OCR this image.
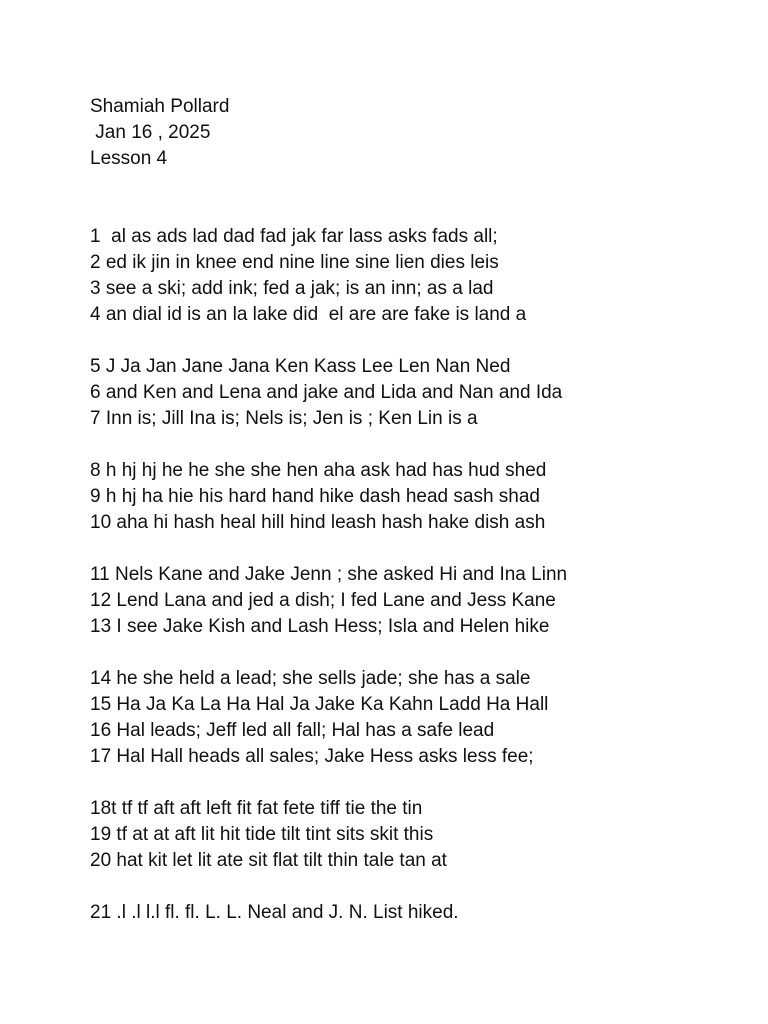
Shamiah Pollard
Jan 16 , 2025
Lesson 4
1  al as ads lad dad fad jak far lass asks fads all;
2 ed ik jin in knee end nine line sine lien dies leis
3 see a ski; add ink; fed a jak; is an inn; as a lad
4 an dial id is an la lake did  el are are fake is land a
5 J Ja Jan Jane Jana Ken Kass Lee Len Nan Ned
6 and Ken and Lena and jake and Lida and Nan and Ida
7 Inn is; Jill Ina is; Nels is; Jen is ; Ken Lin is a
8 h hj hj he he she she hen aha ask had has hud shed
9 h hj ha hie his hard hand hike dash head sash shad
10 aha hi hash heal hill hind leash hash hake dish ash
11 Nels Kane and Jake Jenn ; she asked Hi and Ina Linn
12 Lend Lana and jed a dish; I fed Lane and Jess Kane
13 I see Jake Kish and Lash Hess; Isla and Helen hike
14 he she held a lead; she sells jade; she has a sale
15 Ha Ja Ka La Ha Hal Ja Jake Ka Kahn Ladd Ha Hall
16 Hal leads; Jeff led all fall; Hal has a safe lead
17 Hal Hall heads all sales; Jake Hess asks less fee;
18t tf tf aft aft left fit fat fete tiff tie the tin
19 tf at at aft lit hit tide tilt tint sits skit this
20 hat kit let lit ate sit flat tilt thin tale tan at
21 .l .l l.l fl. fl. L. L. Neal and J. N. List hiked.
